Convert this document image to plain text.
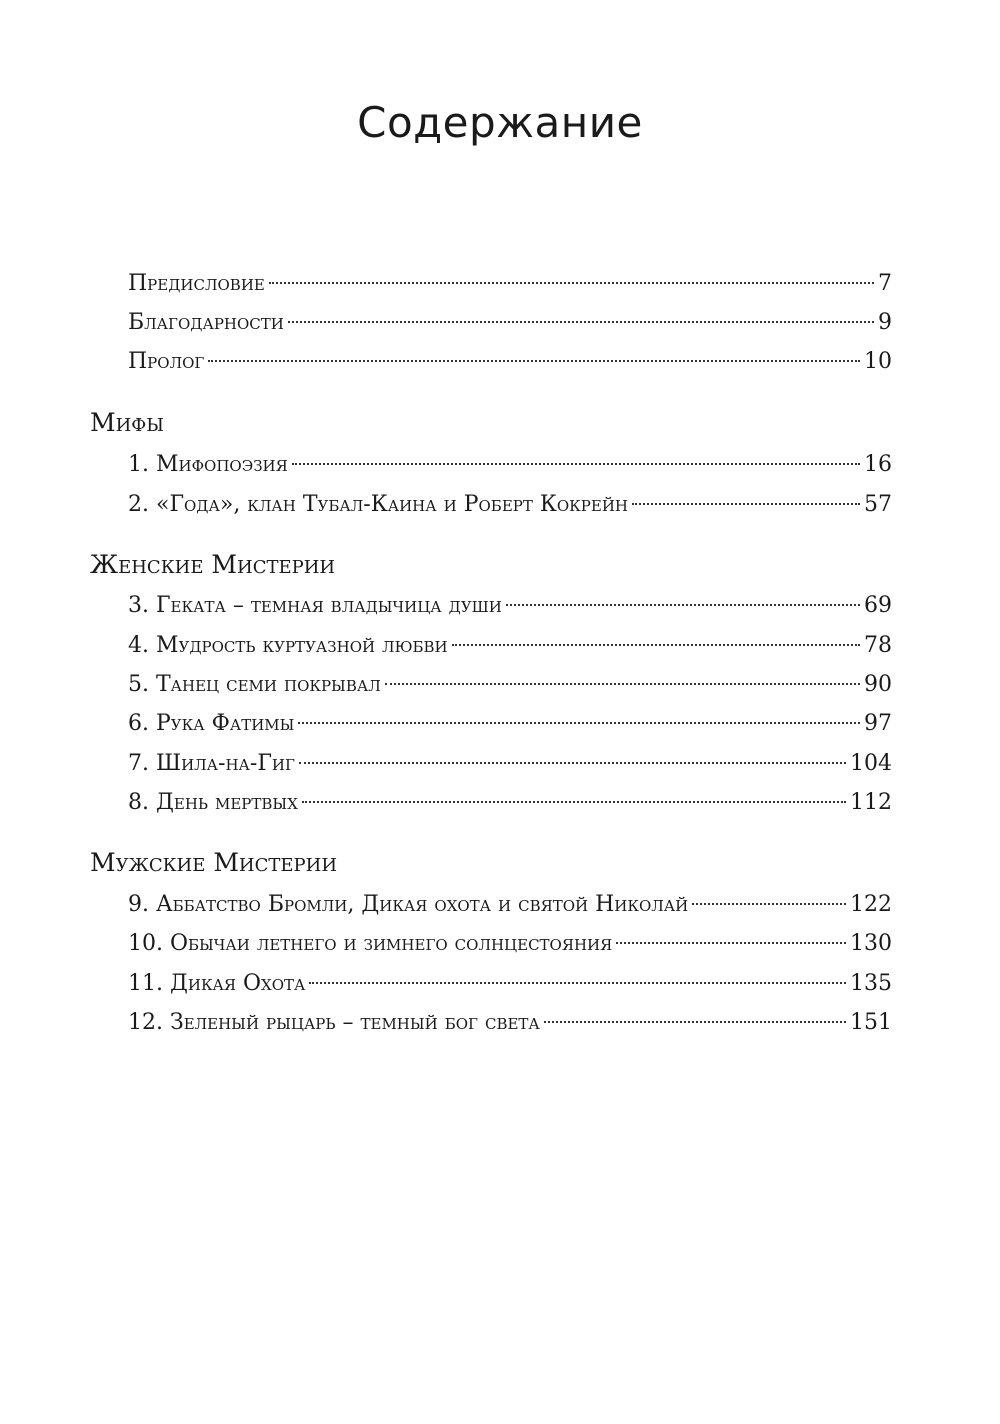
Содержание
Предисловие	7
Благодарности	9
Пролог	10
Мифы
1. Мифопоэзия	16
2. «Года», клан Тубал-Каина и Роберт Кокрейн	57
Женские Мистерии
3. Геката – темная владычица души	69
4. Мудрость куртуазной любви	78
5. Танец семи покрывал	90
6. Рука Фатимы	97
7. Шила-на-Гиг	104
8. День мертвых	112
Мужские Мистерии
9. Аббатство Бромли, Дикая охота и святой Николай	122
10. Обычаи летнего и зимнего солнцестояния	130
11. Дикая Охота	135
12. Зеленый рыцарь – темный бог света	151
